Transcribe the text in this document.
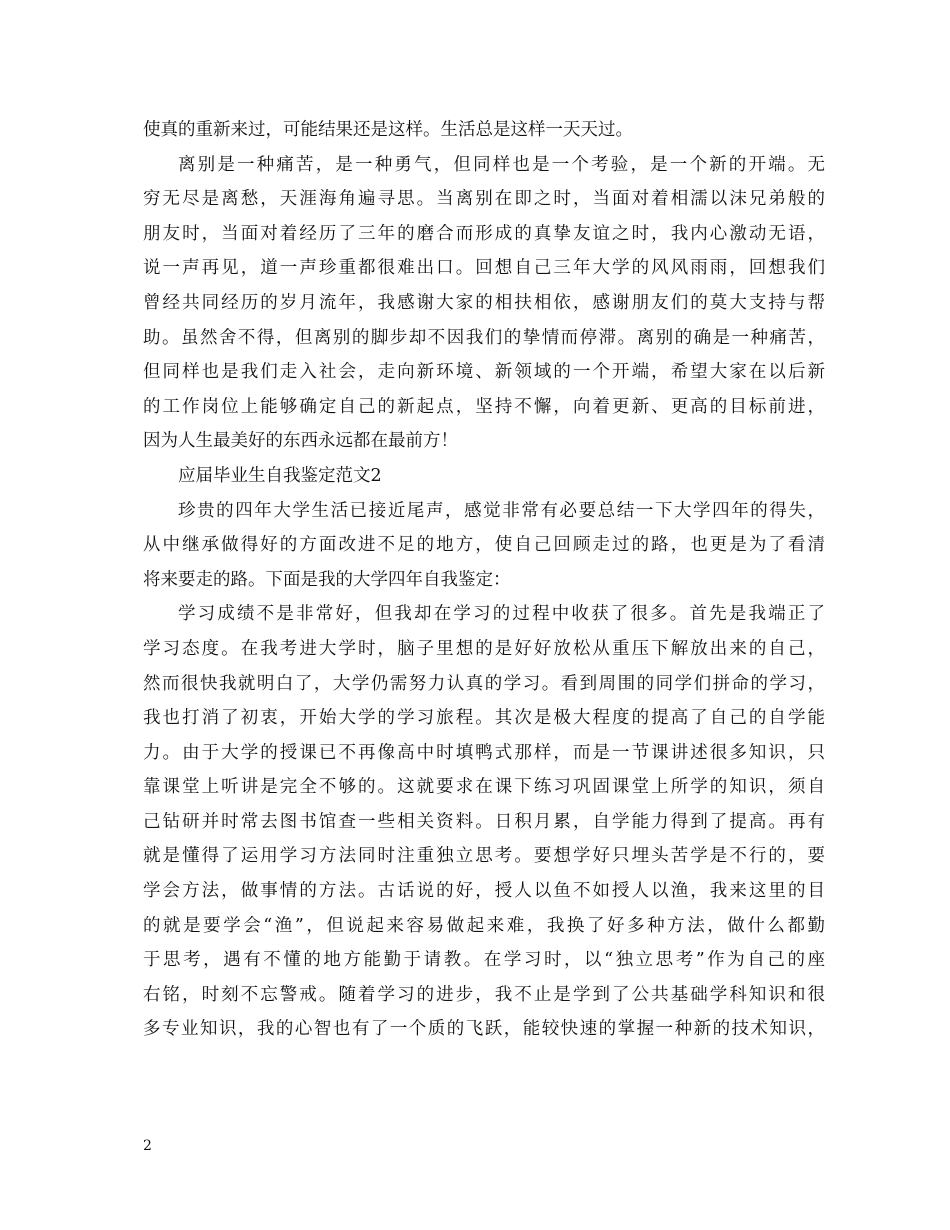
使真的重新来过，可能结果还是这样。生活总是这样一天天过。
离别是一种痛苦，是一种勇气，但同样也是一个考验，是一个新的开端。无
穷无尽是离愁，天涯海角遍寻思。当离别在即之时，当面对着相濡以沫兄弟般的
朋友时，当面对着经历了三年的磨合而形成的真挚友谊之时，我内心激动无语，
说一声再见，道一声珍重都很难出口。回想自己三年大学的风风雨雨，回想我们
曾经共同经历的岁月流年，我感谢大家的相扶相依，感谢朋友们的莫大支持与帮
助。虽然舍不得，但离别的脚步却不因我们的挚情而停滞。离别的确是一种痛苦，
但同样也是我们走入社会，走向新环境、新领域的一个开端，希望大家在以后新
的工作岗位上能够确定自己的新起点，坚持不懈，向着更新、更高的目标前进，
因为人生最美好的东西永远都在最前方！
应届毕业生自我鉴定范文2
珍贵的四年大学生活已接近尾声，感觉非常有必要总结一下大学四年的得失，
从中继承做得好的方面改进不足的地方，使自己回顾走过的路，也更是为了看清
将来要走的路。下面是我的大学四年自我鉴定：
学习成绩不是非常好，但我却在学习的过程中收获了很多。首先是我端正了
学习态度。在我考进大学时，脑子里想的是好好放松从重压下解放出来的自己，
然而很快我就明白了，大学仍需努力认真的学习。看到周围的同学们拼命的学习，
我也打消了初衷，开始大学的学习旅程。其次是极大程度的提高了自己的自学能
力。由于大学的授课已不再像高中时填鸭式那样，而是一节课讲述很多知识，只
靠课堂上听讲是完全不够的。这就要求在课下练习巩固课堂上所学的知识，须自
己钻研并时常去图书馆查一些相关资料。日积月累，自学能力得到了提高。再有
就是懂得了运用学习方法同时注重独立思考。要想学好只埋头苦学是不行的，要
学会方法，做事情的方法。古话说的好，授人以鱼不如授人以渔，我来这里的目
的就是要学会“渔”，但说起来容易做起来难，我换了好多种方法，做什么都勤
于思考，遇有不懂的地方能勤于请教。在学习时，以“独立思考”作为自己的座
右铭，时刻不忘警戒。随着学习的进步，我不止是学到了公共基础学科知识和很
多专业知识，我的心智也有了一个质的飞跃，能较快速的掌握一种新的技术知识，
2
